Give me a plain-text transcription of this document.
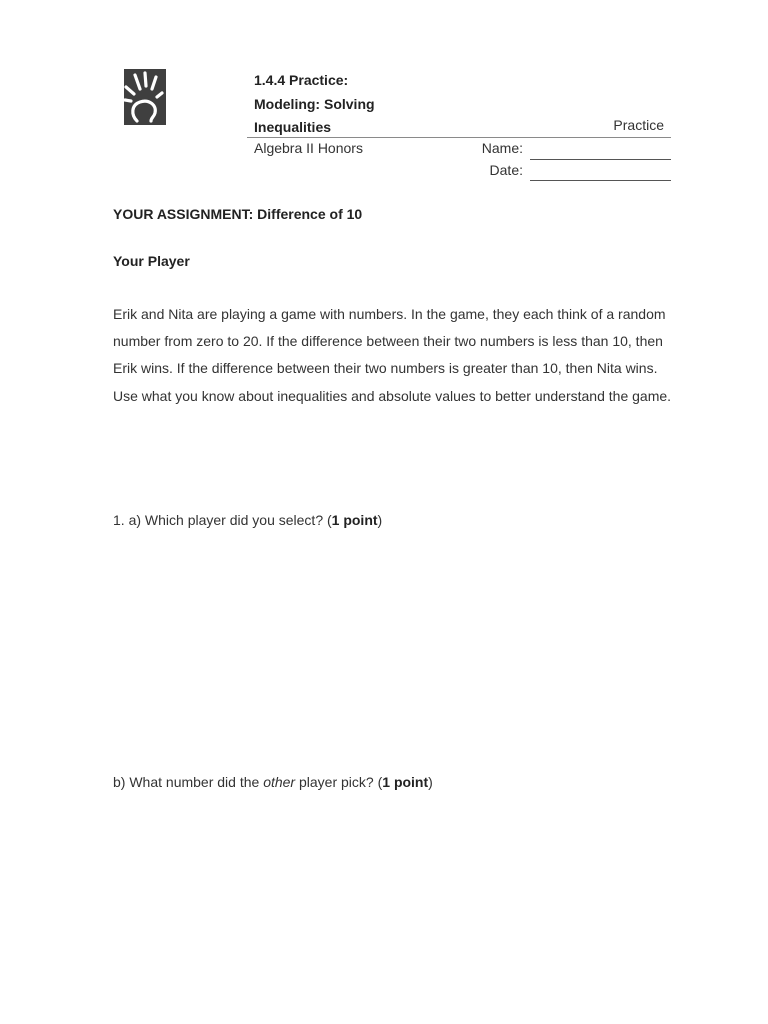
1.4.4 Practice:
Modeling: Solving
Inequalities	Practice
Algebra II Honors	Name:
Date:
YOUR ASSIGNMENT: Difference of 10
Your Player
Erik and Nita are playing a game with numbers. In the game, they each think of a random number from zero to 20. If the difference between their two numbers is less than 10, then Erik wins. If the difference between their two numbers is greater than 10, then Nita wins. Use what you know about inequalities and absolute values to better understand the game.
1. a) Which player did you select? (1 point)
b) What number did the other player pick? (1 point)
